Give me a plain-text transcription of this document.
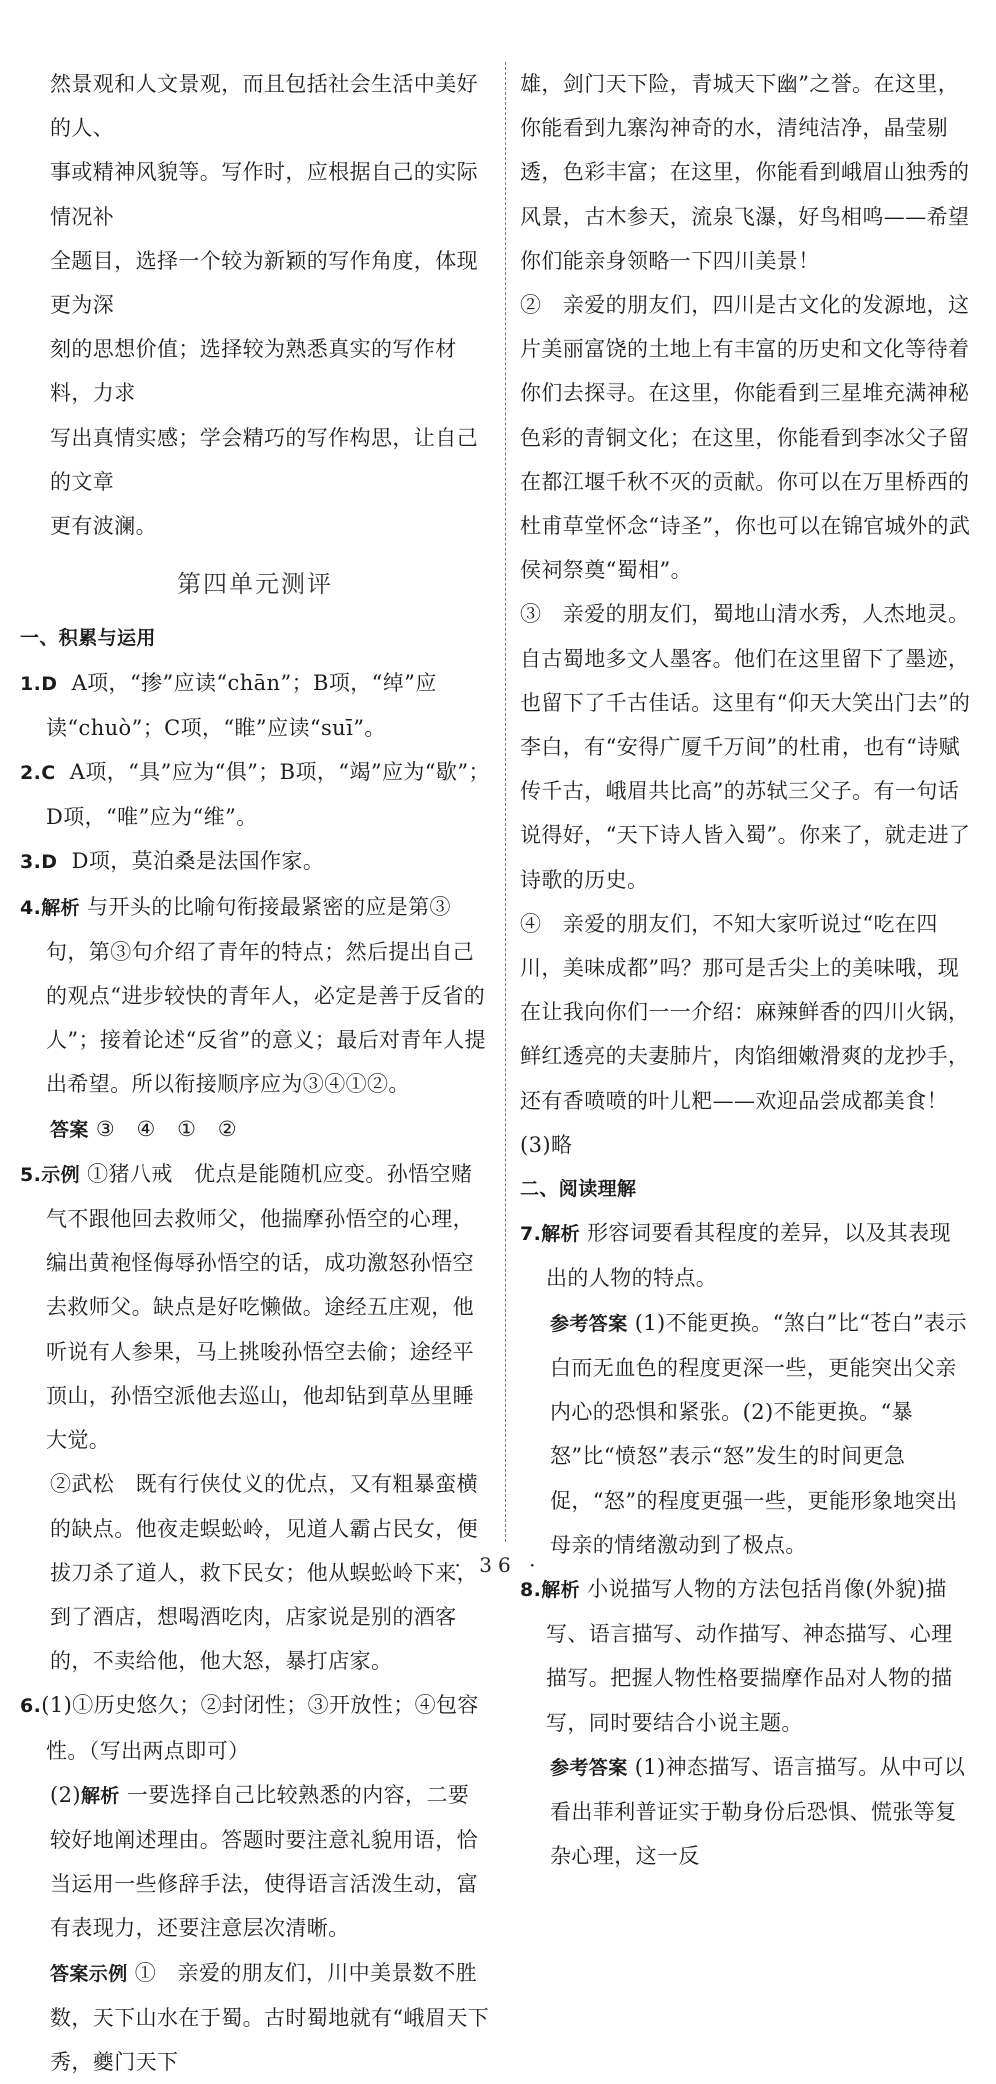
然景观和人文景观，而且包括社会生活中美好的人、

事或精神风貌等。写作时，应根据自己的实际情况补

全题目，选择一个较为新颖的写作角度，体现更为深

刻的思想价值；选择较为熟悉真实的写作材料，力求

写出真情实感；学会精巧的写作构思，让自己的文章

更有波澜。

第四单元测评

一、积累与运用

1.D A项，“掺”应读“chān”；B项，“绰”应读“chuò”；C项，“睢”应读“suī”。

2.C A项，“具”应为“俱”；B项，“竭”应为“歇”；D项，“唯”应为“维”。

3.D D项，莫泊桑是法国作家。

4.解析 与开头的比喻句衔接最紧密的应是第③句，第③句介绍了青年的特点；然后提出自己的观点“进步较快的青年人，必定是善于反省的人”；接着论述“反省”的意义；最后对青年人提出希望。所以衔接顺序应为③④①②。

答案 ③　④　①　②

5.示例 ①猪八戒　优点是能随机应变。孙悟空赌气不跟他回去救师父，他揣摩孙悟空的心理，编出黄袍怪侮辱孙悟空的话，成功激怒孙悟空去救师父。缺点是好吃懒做。途经五庄观，他听说有人参果，马上挑唆孙悟空去偷；途经平顶山，孙悟空派他去巡山，他却钻到草丛里睡大觉。

②武松　既有行侠仗义的优点，又有粗暴蛮横的缺点。他夜走蜈蚣岭，见道人霸占民女，便拔刀杀了道人，救下民女；他从蜈蚣岭下来，到了酒店，想喝酒吃肉，店家说是别的酒客的，不卖给他，他大怒，暴打店家。

6.(1)①历史悠久；②封闭性；③开放性；④包容性。（写出两点即可）

(2)解析 一要选择自己比较熟悉的内容，二要较好地阐述理由。答题时要注意礼貌用语，恰当运用一些修辞手法，使得语言活泼生动，富有表现力，还要注意层次清晰。

答案示例 ①　亲爱的朋友们，川中美景数不胜数，天下山水在于蜀。古时蜀地就有“峨眉天下秀，夔门天下

雄，剑门天下险，青城天下幽”之誉。在这里，你能看到九寨沟神奇的水，清纯洁净，晶莹剔透，色彩丰富；在这里，你能看到峨眉山独秀的风景，古木参天，流泉飞瀑，好鸟相鸣——希望你们能亲身领略一下四川美景！

②　亲爱的朋友们，四川是古文化的发源地，这片美丽富饶的土地上有丰富的历史和文化等待着你们去探寻。在这里，你能看到三星堆充满神秘色彩的青铜文化；在这里，你能看到李冰父子留在都江堰千秋不灭的贡献。你可以在万里桥西的杜甫草堂怀念“诗圣”，你也可以在锦官城外的武侯祠祭奠“蜀相”。

③　亲爱的朋友们，蜀地山清水秀，人杰地灵。自古蜀地多文人墨客。他们在这里留下了墨迹，也留下了千古佳话。这里有“仰天大笑出门去”的李白，有“安得广厦千万间”的杜甫，也有“诗赋传千古，峨眉共比高”的苏轼三父子。有一句话说得好，“天下诗人皆入蜀”。你来了，就走进了诗歌的历史。

④　亲爱的朋友们，不知大家听说过“吃在四川，美味成都”吗？那可是舌尖上的美味哦，现在让我向你们一一介绍：麻辣鲜香的四川火锅，鲜红透亮的夫妻肺片，肉馅细嫩滑爽的龙抄手，还有香喷喷的叶儿粑——欢迎品尝成都美食！

(3)略

二、阅读理解

7.解析 形容词要看其程度的差异，以及其表现出的人物的特点。

参考答案 (1)不能更换。“煞白”比“苍白”表示白而无血色的程度更深一些，更能突出父亲内心的恐惧和紧张。(2)不能更换。“暴怒”比“愤怒”表示“怒”发生的时间更急促，“怒”的程度更强一些，更能形象地突出母亲的情绪激动到了极点。

8.解析 小说描写人物的方法包括肖像(外貌)描写、语言描写、动作描写、神态描写、心理描写。把握人物性格要揣摩作品对人物的描写，同时要结合小说主题。

参考答案 (1)神态描写、语言描写。从中可以看出菲利普证实于勒身份后恐惧、慌张等复杂心理，这一反

· 36 ·
